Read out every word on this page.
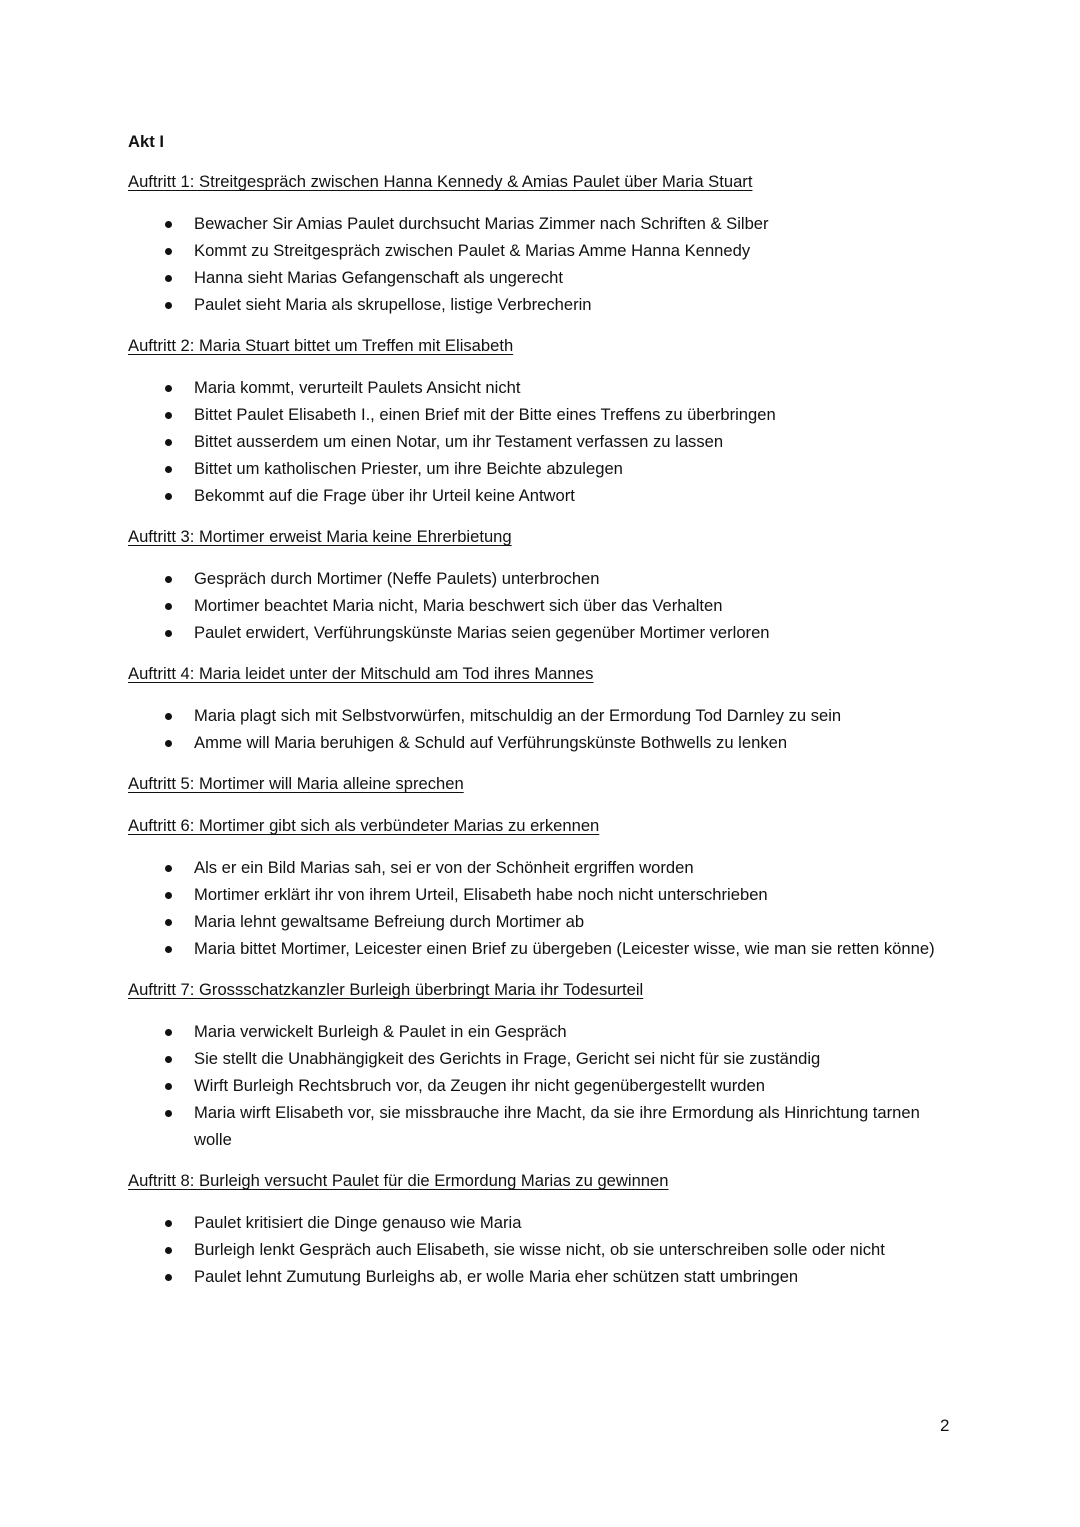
Akt I
Auftritt 1: Streitgespräch zwischen Hanna Kennedy & Amias Paulet über Maria Stuart
Bewacher Sir Amias Paulet durchsucht Marias Zimmer nach Schriften & Silber
Kommt zu Streitgespräch zwischen Paulet & Marias Amme Hanna Kennedy
Hanna sieht Marias Gefangenschaft als ungerecht
Paulet sieht Maria als skrupellose, listige Verbrecherin
Auftritt 2: Maria Stuart bittet um Treffen mit Elisabeth
Maria kommt, verurteilt Paulets Ansicht nicht
Bittet Paulet Elisabeth I., einen Brief mit der Bitte eines Treffens zu überbringen
Bittet ausserdem um einen Notar, um ihr Testament verfassen zu lassen
Bittet um katholischen Priester, um ihre Beichte abzulegen
Bekommt auf die Frage über ihr Urteil keine Antwort
Auftritt 3: Mortimer erweist Maria keine Ehrerbietung
Gespräch durch Mortimer (Neffe Paulets) unterbrochen
Mortimer beachtet Maria nicht, Maria beschwert sich über das Verhalten
Paulet erwidert, Verführungskünste Marias seien gegenüber Mortimer verloren
Auftritt 4: Maria leidet unter der Mitschuld am Tod ihres Mannes
Maria plagt sich mit Selbstvorwürfen, mitschuldig an der Ermordung Tod Darnley zu sein
Amme will Maria beruhigen & Schuld auf Verführungskünste Bothwells zu lenken
Auftritt 5: Mortimer will Maria alleine sprechen
Auftritt 6: Mortimer gibt sich als verbündeter Marias zu erkennen
Als er ein Bild Marias sah, sei er von der Schönheit ergriffen worden
Mortimer erklärt ihr von ihrem Urteil, Elisabeth habe noch nicht unterschrieben
Maria lehnt gewaltsame Befreiung durch Mortimer ab
Maria bittet Mortimer, Leicester einen Brief zu übergeben (Leicester wisse, wie man sie retten könne)
Auftritt 7: Grossschatzkanzler Burleigh überbringt Maria ihr Todesurteil
Maria verwickelt Burleigh & Paulet in ein Gespräch
Sie stellt die Unabhängigkeit des Gerichts in Frage, Gericht sei nicht für sie zuständig
Wirft Burleigh Rechtsbruch vor, da Zeugen ihr nicht gegenübergestellt wurden
Maria wirft Elisabeth vor, sie missbrauche ihre Macht, da sie ihre Ermordung als Hinrichtung tarnen wolle
Auftritt 8: Burleigh versucht Paulet für die Ermordung Marias zu gewinnen
Paulet kritisiert die Dinge genauso wie Maria
Burleigh lenkt Gespräch auch Elisabeth, sie wisse nicht, ob sie unterschreiben solle oder nicht
Paulet lehnt Zumutung Burleighs ab, er wolle Maria eher schützen statt umbringen
2
